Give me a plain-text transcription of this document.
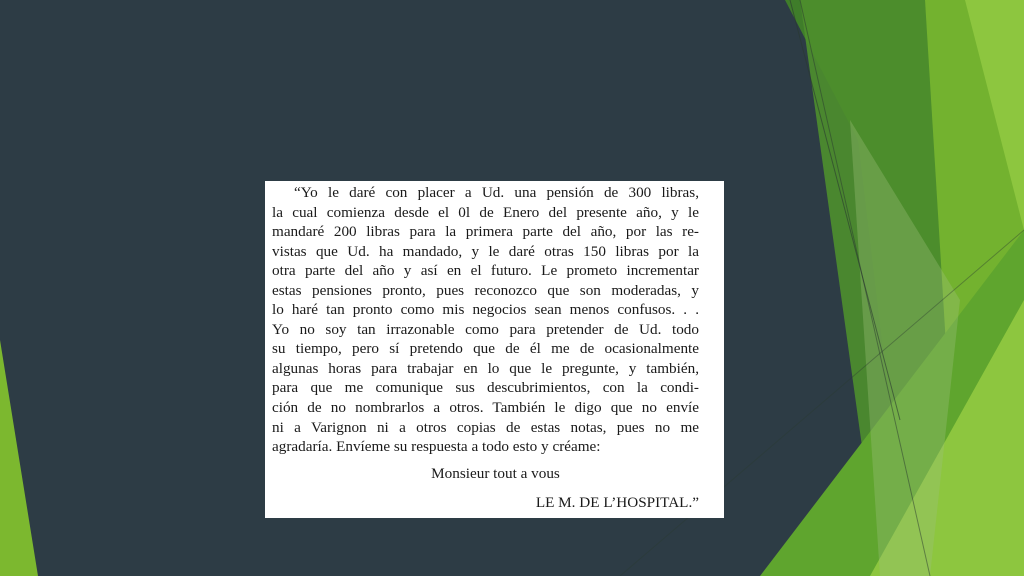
“Yo le daré con placer a Ud. una pensión de 300 libras,
la cual comienza desde el 0l de Enero del presente año, y le
mandaré 200 libras para la primera parte del año, por las re-
vistas que Ud. ha mandado, y le daré otras 150 libras por la
otra parte del año y así en el futuro. Le prometo incrementar
estas pensiones pronto, pues reconozco que son moderadas, y
lo haré tan pronto como mis negocios sean menos confusos. . .
Yo no soy tan irrazonable como para pretender de Ud. todo
su tiempo, pero sí pretendo que de él me de ocasionalmente
algunas horas para trabajar en lo que le pregunte, y también,
para que me comunique sus descubrimientos, con la condi-
ción de no nombrarlos a otros. También le digo que no envíe
ni a Varignon ni a otros copias de estas notas, pues no me
agradaría. Envíeme su respuesta a todo esto y créame:
Monsieur tout a vous
LE M. DE L’HOSPITAL.”
